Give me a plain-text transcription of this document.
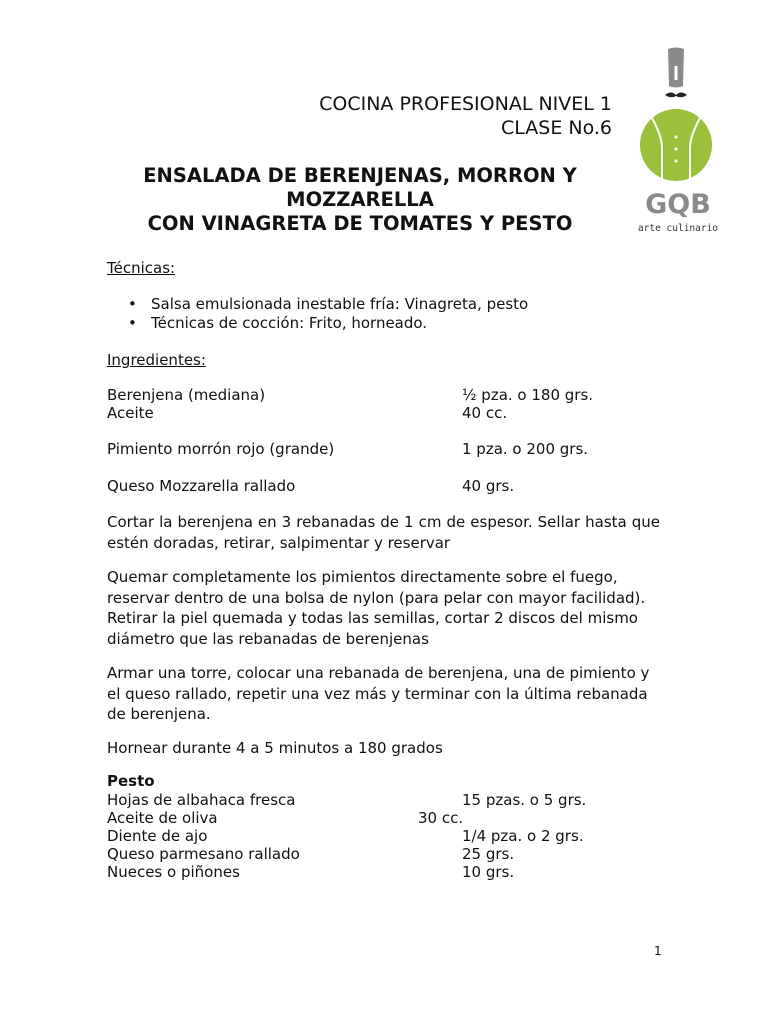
COCINA PROFESIONAL NIVEL 1
CLASE No.6
GQB
arte culinario
ENSALADA DE BERENJENAS, MORRON Y
MOZZARELLA
CON VINAGRETA DE TOMATES Y PESTO
Técnicas:
• Salsa emulsionada inestable fría: Vinagreta, pesto
• Técnicas de cocción: Frito, horneado.
Ingredientes:
Berenjena (mediana)	½ pza. o 180 grs.
Aceite	40 cc.
Pimiento morrón rojo (grande)	1 pza. o 200 grs.
Queso Mozzarella rallado	40 grs.

Cortar la berenjena en 3 rebanadas de 1 cm de espesor. Sellar hasta que estén doradas, retirar, salpimentar y reservar

Quemar completamente los pimientos directamente sobre el fuego, reservar dentro de una bolsa de nylon (para pelar con mayor facilidad). Retirar la piel quemada y todas las semillas, cortar 2 discos del mismo diámetro que las rebanadas de berenjenas

Armar una torre, colocar una rebanada de berenjena, una de pimiento y el queso rallado, repetir una vez más y terminar con la última rebanada de berenjena.

Hornear durante 4 a 5 minutos a 180 grados

Pesto
Hojas de albahaca fresca	15 pzas. o 5 grs.
Aceite de oliva	30 cc.
Diente de ajo	1/4 pza. o 2 grs.
Queso parmesano rallado	25 grs.
Nueces o piñones	10 grs.
1
